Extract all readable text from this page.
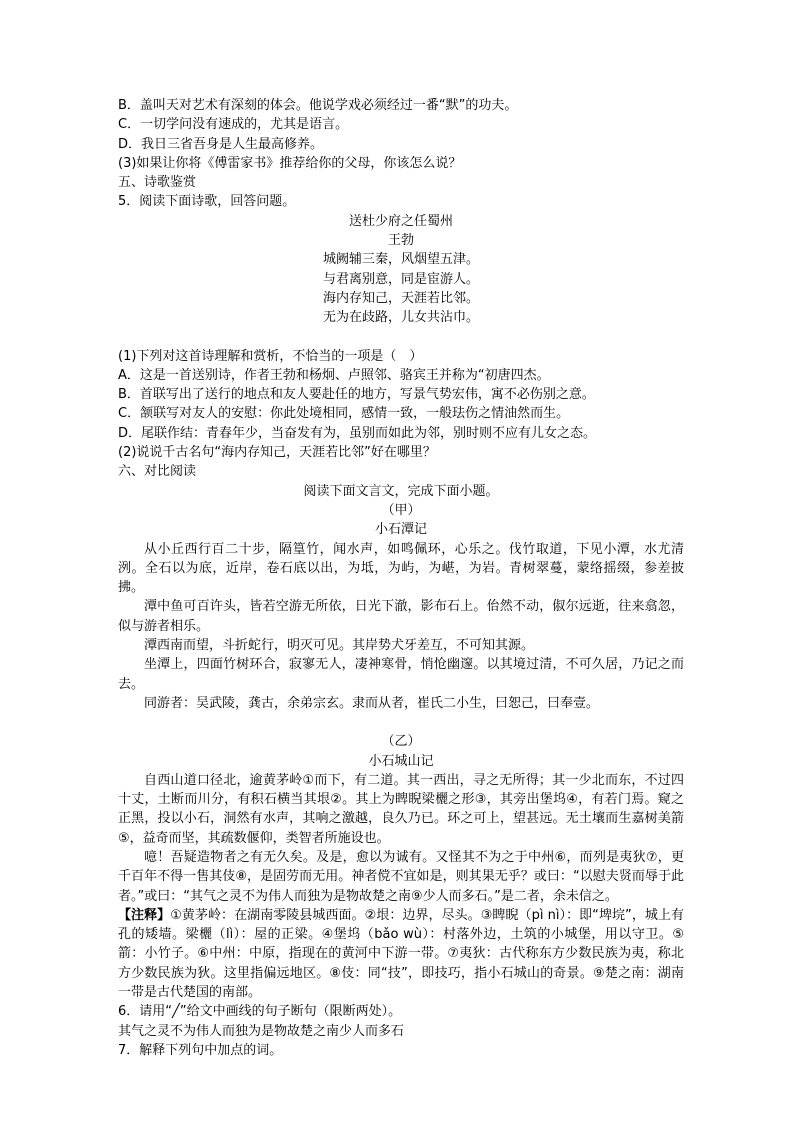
B．盖叫天对艺术有深刻的体会。他说学戏必须经过一番“默”的功夫。
C．一切学问没有速成的，尤其是语言。
D．我日三省吾身是人生最高修养。
(3)如果让你将《傅雷家书》推荐给你的父母，你该怎么说？
五、诗歌鉴赏
5．阅读下面诗歌，回答问题。
送杜少府之任蜀州
王勃
城阙辅三秦，风烟望五津。
与君离别意，同是宦游人。
海内存知己，天涯若比邻。
无为在歧路，儿女共沾巾。
(1)下列对这首诗理解和赏析，不恰当的一项是（　）
A．这是一首送别诗，作者王勃和杨炯、卢照邻、骆宾王并称为“初唐四杰。
B．首联写出了送行的地点和友人要赴任的地方，写景气势宏伟，寓不必伤别之意。
C．颔联写对友人的安慰：你此处境相同，感情一致，一般珐伤之情油然而生。
D．尾联作结：青春年少，当奋发有为，虽别而如此为邻，别时则不应有儿女之态。
(2)说说千古名句“海内存知己，天涯若比邻”好在哪里？
六、对比阅读
阅读下面文言文，完成下面小题。
（甲）
小石潭记
从小丘西行百二十步，隔篁竹，闻水声，如鸣佩环，心乐之。伐竹取道，下见小潭，水尤清洌。全石以为底，近岸，卷石底以出，为坻，为屿，为嵁，为岩。青树翠蔓，蒙络摇缀，参差披拂。
潭中鱼可百许头，皆若空游无所依，日光下澈，影布石上。佁然不动，俶尔远逝，往来翕忽，似与游者相乐。
潭西南而望，斗折蛇行，明灭可见。其岸势犬牙差互，不可知其源。
坐潭上，四面竹树环合，寂寥无人，凄神寒骨，悄怆幽邃。以其境过清，不可久居，乃记之而去。
同游者：吴武陵，龚古，余弟宗玄。隶而从者，崔氏二小生，曰恕己，曰奉壹。
（乙）
小石城山记
自西山道口径北，逾黄茅岭①而下，有二道。其一西出，寻之无所得；其一少北而东，不过四十丈，土断而川分，有积石横当其垠②。其上为睥睨梁欐之形③，其旁出堡坞④，有若门焉。窥之正黑，投以小石，洞然有水声，其响之激越，良久乃已。环之可上，望甚远。无土壤而生嘉树美箭⑤，益奇而坚，其疏数偃仰，类智者所施设也。
噫！吾疑造物者之有无久矣。及是，愈以为诚有。又怪其不为之于中州⑥，而列是夷狄⑦，更千百年不得一售其伎⑧，是固劳而无用。神者傥不宜如是，则其果无乎？或曰：“以慰夫贤而辱于此者。”或曰：“其气之灵不为伟人而独为是物故楚之南⑨少人而多石。”是二者，余未信之。
【注释】①黄茅岭：在湖南零陵县城西面。②垠：边界，尽头。③睥睨（pì nì）：即“埤垸”，城上有孔的矮墙。梁欐（lì）：屋的正梁。④堡坞（bǎo wù）：村落外边，土筑的小城堡，用以守卫。⑤箭：小竹子。⑥中州：中原，指现在的黄河中下游一带。⑦夷狄：古代称东方少数民族为夷，称北方少数民族为狄。这里指偏远地区。⑧伎：同“技”，即技巧，指小石城山的奇景。⑨楚之南：湖南一带是古代楚国的南部。
6．请用“╱”给文中画线的句子断句（限断两处）。
其气之灵不为伟人而独为是物故楚之南少人而多石
7．解释下列句中加点的词。
